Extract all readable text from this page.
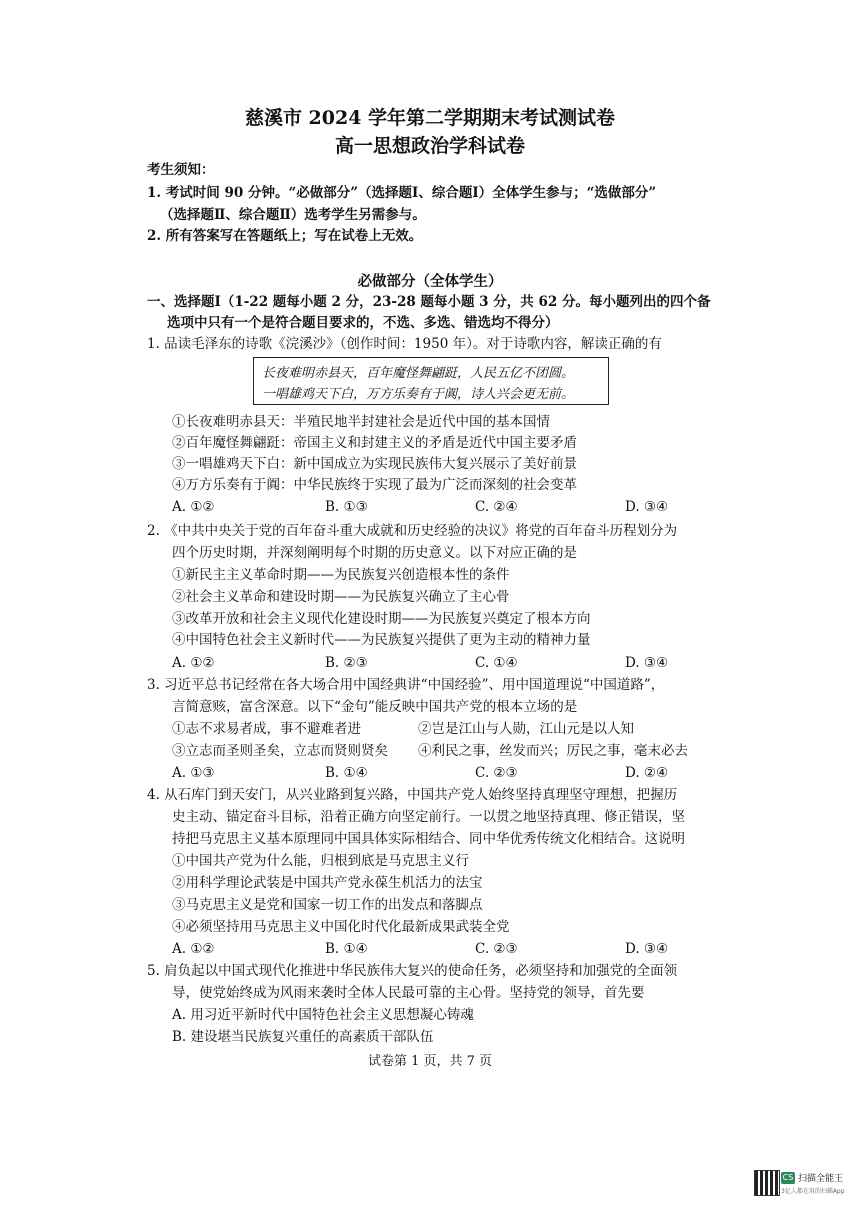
慈溪市 2024 学年第二学期期末考试测试卷
高一思想政治学科试卷
考生须知：
1. 考试时间 90 分钟。“必做部分”（选择题Ⅰ、综合题Ⅰ）全体学生参与；“选做部分”
（选择题Ⅱ、综合题Ⅱ）选考学生另需参与。
2. 所有答案写在答题纸上；写在试卷上无效。
必做部分（全体学生）
一、选择题Ⅰ（1-22 题每小题 2 分，23-28 题每小题 3 分，共 62 分。每小题列出的四个备
选项中只有一个是符合题目要求的，不选、多选、错选均不得分）
1. 品读毛泽东的诗歌《浣溪沙》（创作时间：1950 年）。对于诗歌内容，解读正确的有
长夜难明赤县天，百年魔怪舞翩跹，人民五亿不团圆。
一唱雄鸡天下白，万方乐奏有于阗，诗人兴会更无前。
①长夜难明赤县天：半殖民地半封建社会是近代中国的基本国情
②百年魔怪舞翩跹：帝国主义和封建主义的矛盾是近代中国主要矛盾
③一唱雄鸡天下白：新中国成立为实现民族伟大复兴展示了美好前景
④万方乐奏有于阗：中华民族终于实现了最为广泛而深刻的社会变革
A. ①②	B. ①③	C. ②④	D. ③④
2. 《中共中央关于党的百年奋斗重大成就和历史经验的决议》将党的百年奋斗历程划分为
四个历史时期，并深刻阐明每个时期的历史意义。以下对应正确的是
①新民主主义革命时期——为民族复兴创造根本性的条件
②社会主义革命和建设时期——为民族复兴确立了主心骨
③改革开放和社会主义现代化建设时期——为民族复兴奠定了根本方向
④中国特色社会主义新时代——为民族复兴提供了更为主动的精神力量
A. ①②	B. ②③	C. ①④	D. ③④
3. 习近平总书记经常在各大场合用中国经典讲“中国经验”、用中国道理说“中国道路”，
言简意赅，富含深意。以下“金句”能反映中国共产党的根本立场的是
①志不求易者成，事不避难者进	②岂是江山与人勋，江山元是以人知
③立志而圣则圣矣，立志而贤则贤矣 ④利民之事，丝发而兴；厉民之事，毫末必去
A. ①③	B. ①④	C. ②③	D. ②④
4. 从石库门到天安门，从兴业路到复兴路，中国共产党人始终坚持真理坚守理想，把握历
史主动、锚定奋斗目标，沿着正确方向坚定前行。一以贯之地坚持真理、修正错误，坚
持把马克思主义基本原理同中国具体实际相结合、同中华优秀传统文化相结合。这说明
①中国共产党为什么能，归根到底是马克思主义行
②用科学理论武装是中国共产党永葆生机活力的法宝
③马克思主义是党和国家一切工作的出发点和落脚点
④必须坚持用马克思主义中国化时代化最新成果武装全党
A. ①②	B. ①④	C. ②③	D. ③④
5. 肩负起以中国式现代化推进中华民族伟大复兴的使命任务，必须坚持和加强党的全面领
导，使党始终成为风雨来袭时全体人民最可靠的主心骨。坚持党的领导，首先要
A. 用习近平新时代中国特色社会主义思想凝心铸魂
B. 建设堪当民族复兴重任的高素质干部队伍
试卷第 1 页，共 7 页
CS 扫描全能王
3亿人都在用的扫描App
